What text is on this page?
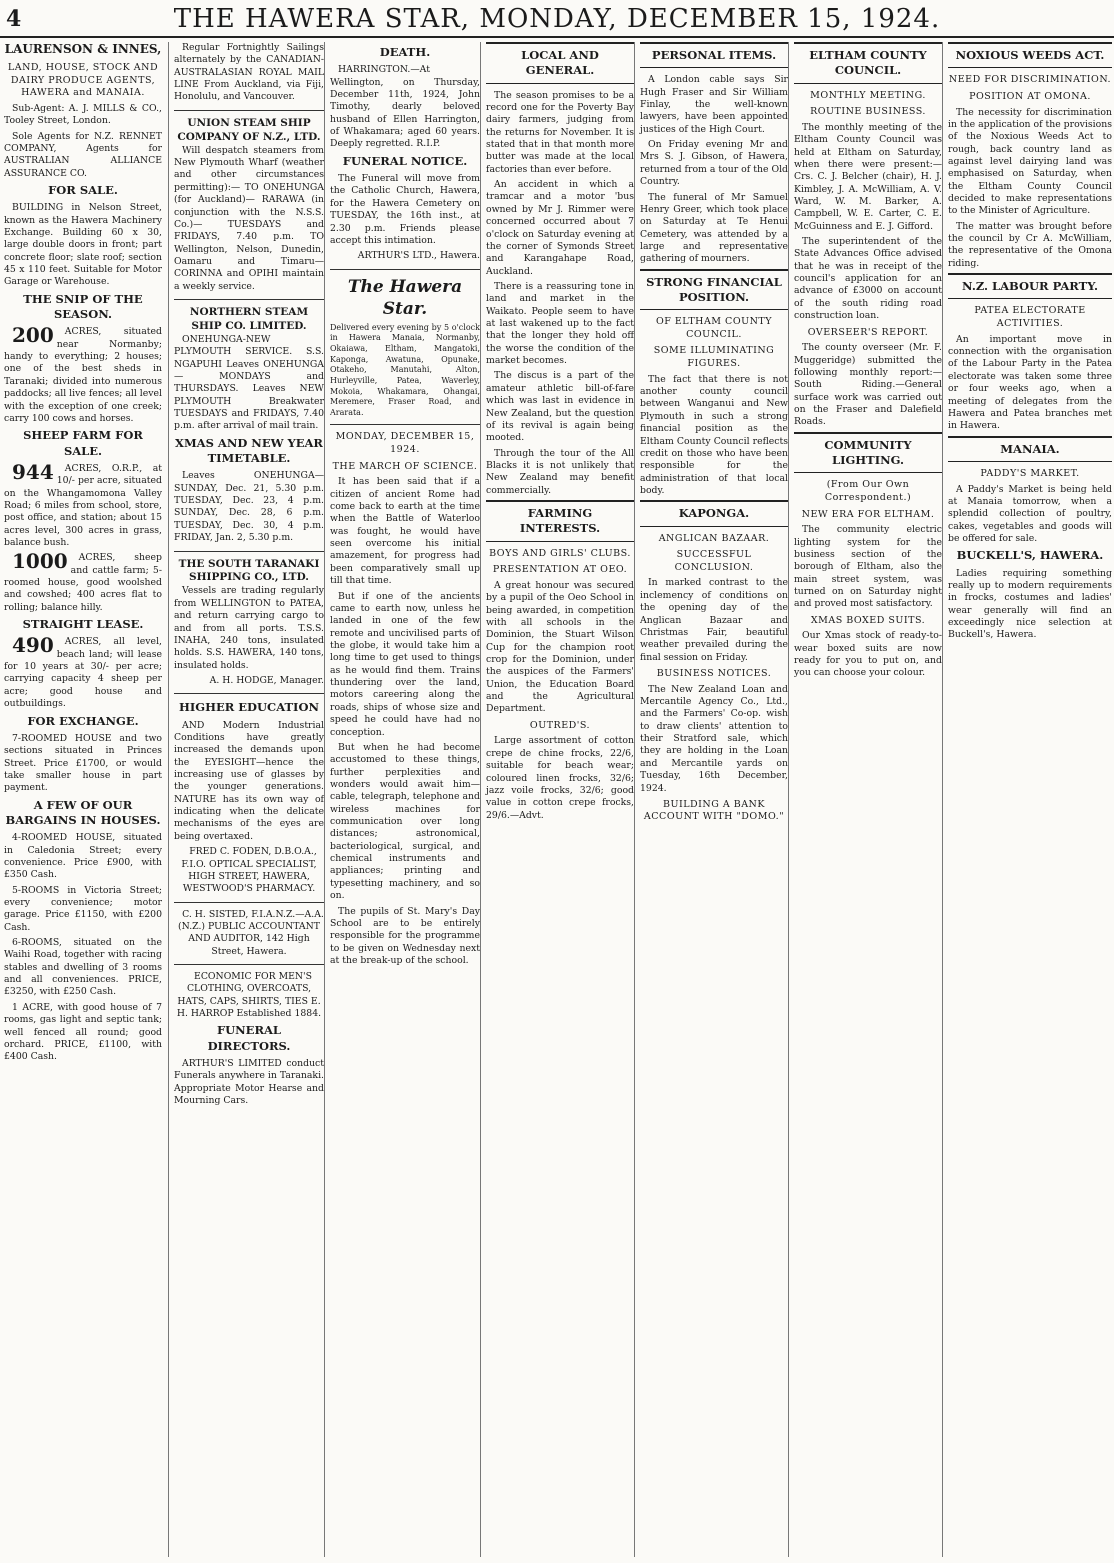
4	THE HAWERA STAR, MONDAY, DECEMBER 15, 1924.
LAURENSON & INNES,

LAND, HOUSE, STOCK AND DAIRY PRODUCE AGENTS, HAWERA and MANAIA.

Sub-Agent: A. J. MILLS & CO., Tooley Street, London.

Sole Agents for N.Z. RENNET COMPANY, Agents for AUSTRALIAN ALLIANCE ASSURANCE CO.

FOR SALE.

BUILDING in Nelson Street, known as the Hawera Machinery Exchange. Building 60 x 30, large double doors in front; part concrete floor; slate roof; section 45 x 110 feet. Suitable for Motor Garage or Warehouse.

THE SNIP OF THE SEASON.

200 ACRES, situated near Normanby; handy to everything; 2 houses; one of the best sheds in Taranaki; divided into numerous paddocks; all live fences; all level with the exception of one creek; carry 100 cows and horses.

SHEEP FARM FOR SALE.

944 ACRES, O.R.P., at 10/- per acre, situated on the Whangamomona Valley Road; 6 miles from school, store, post office, and station; about 15 acres level, 300 acres in grass, balance bush.

1000 ACRES, sheep and cattle farm; 5-roomed house, good woolshed and cowshed; 400 acres flat to rolling; balance hilly.

STRAIGHT LEASE.

490 ACRES, all level, beach land; will lease for 10 years at 30/- per acre; carrying capacity 4 sheep per acre; good house and outbuildings.

FOR EXCHANGE.

7-ROOMED HOUSE and two sections situated in Princes Street. Price £1700, or would take smaller house in part payment.

A FEW OF OUR BARGAINS IN HOUSES.

4-ROOMED HOUSE, situated in Caledonia Street; every convenience. Price £900, with £350 Cash.

5-ROOMS in Victoria Street; every convenience; motor garage. Price £1150, with £200 Cash.

6-ROOMS, situated on the Waihi Road, together with racing stables and dwelling of 3 rooms and all conveniences. PRICE, £3250, with £250 Cash.

1 ACRE, with good house of 7 rooms, gas light and septic tank; well fenced all round; good orchard. PRICE, £1100, with £400 Cash.

Regular Fortnightly Sailings alternately by the CANADIAN-AUSTRALASIAN ROYAL MAIL LINE From Auckland, via Fiji, Honolulu, and Vancouver.

UNION STEAM SHIP COMPANY OF N.Z., LTD.

Will despatch steamers from New Plymouth Wharf (weather and other circumstances permitting):— TO ONEHUNGA (for Auckland)— RARAWA (in conjunction with the N.S.S. Co.)— TUESDAYS and FRIDAYS, 7.40 p.m. TO Wellington, Nelson, Dunedin, Oamaru and Timaru— CORINNA and OPIHI maintain a weekly service.

NORTHERN STEAM SHIP CO. LIMITED.

ONEHUNGA-NEW PLYMOUTH SERVICE. S.S. NGAPUHI Leaves ONEHUNGA— MONDAYS and THURSDAYS. Leaves NEW PLYMOUTH Breakwater TUESDAYS and FRIDAYS, 7.40 p.m. after arrival of mail train.

XMAS AND NEW YEAR TIMETABLE.

Leaves ONEHUNGA— SUNDAY, Dec. 21, 5.30 p.m. TUESDAY, Dec. 23, 4 p.m. SUNDAY, Dec. 28, 6 p.m. TUESDAY, Dec. 30, 4 p.m. FRIDAY, Jan. 2, 5.30 p.m.

THE SOUTH TARANAKI SHIPPING CO., LTD.

Vessels are trading regularly from WELLINGTON to PATEA, and return carrying cargo to and from all ports. T.S.S. INAHA, 240 tons, insulated holds. S.S. HAWERA, 140 tons, insulated holds.

A. H. HODGE, Manager.

HIGHER EDUCATION

AND Modern Industrial Conditions have greatly increased the demands upon the EYESIGHT—hence the increasing use of glasses by the younger generations. NATURE has its own way of indicating when the delicate mechanisms of the eyes are being overtaxed.

FRED C. FODEN, D.B.O.A., F.I.O. OPTICAL SPECIALIST, HIGH STREET, HAWERA, WESTWOOD'S PHARMACY.

C. H. SISTED, F.I.A.N.Z.—A.A. (N.Z.) PUBLIC ACCOUNTANT AND AUDITOR, 142 High Street, Hawera.

ECONOMIC FOR MEN'S CLOTHING, OVERCOATS, HATS, CAPS, SHIRTS, TIES E. H. HARROP Established 1884.

FUNERAL DIRECTORS.

ARTHUR'S LIMITED conduct Funerals anywhere in Taranaki. Appropriate Motor Hearse and Mourning Cars.

DEATH.

HARRINGTON.—At Wellington, on Thursday, December 11th, 1924, John Timothy, dearly beloved husband of Ellen Harrington, of Whakamara; aged 60 years. Deeply regretted. R.I.P.

FUNERAL NOTICE.

The Funeral will move from the Catholic Church, Hawera, for the Hawera Cemetery on TUESDAY, the 16th inst., at 2.30 p.m. Friends please accept this intimation.

ARTHUR'S LTD., Hawera.

The Hawera Star.

Delivered every evening by 5 o'clock in Hawera Manaia, Normanby, Okaiawa, Eltham, Mangatoki, Kaponga, Awatuna, Opunake, Otakeho, Manutahi, Alton, Hurleyville, Patea, Waverley, Mokoia, Whakamara, Ohangai, Meremere, Fraser Road, and Ararata.

MONDAY, DECEMBER 15, 1924.
THE MARCH OF SCIENCE.

It has been said that if a citizen of ancient Rome had come back to earth at the time when the Battle of Waterloo was fought, he would have seen overcome his initial amazement, for progress had been comparatively small up till that time.

But if one of the ancients came to earth now, unless he landed in one of the few remote and uncivilised parts of the globe, it would take him a long time to get used to things as he would find them. Trains thundering over the land, motors careering along the roads, ships of whose size and speed he could have had no conception.

But when he had become accustomed to these things, further perplexities and wonders would await him—cable, telegraph, telephone and wireless machines for communication over long distances; astronomical, bacteriological, surgical, and chemical instruments and appliances; printing and typesetting machinery, and so on.

The pupils of St. Mary's Day School are to be entirely responsible for the programme to be given on Wednesday next at the break-up of the school.

LOCAL AND GENERAL.

The season promises to be a record one for the Poverty Bay dairy farmers, judging from the returns for November. It is stated that in that month more butter was made at the local factories than ever before.

An accident in which a tramcar and a motor 'bus owned by Mr J. Rimmer were concerned occurred about 7 o'clock on Saturday evening at the corner of Symonds Street and Karangahape Road, Auckland.

There is a reassuring tone in land and market in the Waikato. People seem to have at last wakened up to the fact that the longer they hold off the worse the condition of the market becomes.

The discus is a part of the amateur athletic bill-of-fare which was last in evidence in New Zealand, but the question of its revival is again being mooted.

Through the tour of the All Blacks it is not unlikely that New Zealand may benefit commercially.

FARMING INTERESTS.
BOYS AND GIRLS' CLUBS.
PRESENTATION AT OEO.

A great honour was secured by a pupil of the Oeo School in being awarded, in competition with all schools in the Dominion, the Stuart Wilson Cup for the champion root crop for the Dominion, under the auspices of the Farmers' Union, the Education Board and the Agricultural Department.

OUTRED'S.

Large assortment of cotton crepe de chine frocks, 22/6, suitable for beach wear; coloured linen frocks, 32/6; jazz voile frocks, 32/6; good value in cotton crepe frocks, 29/6.—Advt.

PERSONAL ITEMS.

A London cable says Sir Hugh Fraser and Sir William Finlay, the well-known lawyers, have been appointed justices of the High Court.

On Friday evening Mr and Mrs S. J. Gibson, of Hawera, returned from a tour of the Old Country.

The funeral of Mr Samuel Henry Greer, which took place on Saturday at Te Henui Cemetery, was attended by a large and representative gathering of mourners.

STRONG FINANCIAL POSITION.
OF ELTHAM COUNTY COUNCIL.
SOME ILLUMINATING FIGURES.

The fact that there is not another county council between Wanganui and New Plymouth in such a strong financial position as the Eltham County Council reflects credit on those who have been responsible for the administration of that local body.

KAPONGA.
ANGLICAN BAZAAR.
SUCCESSFUL CONCLUSION.

In marked contrast to the inclemency of conditions on the opening day of the Anglican Bazaar and Christmas Fair, beautiful weather prevailed during the final session on Friday.

BUSINESS NOTICES.

The New Zealand Loan and Mercantile Agency Co., Ltd., and the Farmers' Co-op. wish to draw clients' attention to their Stratford sale, which they are holding in the Loan and Mercantile yards on Tuesday, 16th December, 1924.

BUILDING A BANK ACCOUNT WITH "DOMO."
ELTHAM COUNTY COUNCIL.
MONTHLY MEETING.
ROUTINE BUSINESS.

The monthly meeting of the Eltham County Council was held at Eltham on Saturday, when there were present:—Crs. C. J. Belcher (chair), H. J. Kimbley, J. A. McWilliam, A. V. Ward, W. M. Barker, A. Campbell, W. E. Carter, C. E. McGuinness and E. J. Gifford.

The superintendent of the State Advances Office advised that he was in receipt of the council's application for an advance of £3000 on account of the south riding road construction loan.

OVERSEER'S REPORT.

The county overseer (Mr. F. Muggeridge) submitted the following monthly report:— South Riding.—General surface work was carried out on the Fraser and Dalefield Roads.

COMMUNITY LIGHTING.
(From Our Own Correspondent.)
NEW ERA FOR ELTHAM.

The community electric lighting system for the business section of the borough of Eltham, also the main street system, was turned on on Saturday night and proved most satisfactory.

XMAS BOXED SUITS.

Our Xmas stock of ready-to-wear boxed suits are now ready for you to put on, and you can choose your colour.

NOXIOUS WEEDS ACT.
NEED FOR DISCRIMINATION.
POSITION AT OMONA.

The necessity for discrimination in the application of the provisions of the Noxious Weeds Act to rough, back country land as against level dairying land was emphasised on Saturday, when the Eltham County Council decided to make representations to the Minister of Agriculture.

The matter was brought before the council by Cr A. McWilliam, the representative of the Omona riding.

N.Z. LABOUR PARTY.
PATEA ELECTORATE ACTIVITIES.

An important move in connection with the organisation of the Labour Party in the Patea electorate was taken some three or four weeks ago, when a meeting of delegates from the Hawera and Patea branches met in Hawera.

MANAIA.
PADDY'S MARKET.

A Paddy's Market is being held at Manaia tomorrow, when a splendid collection of poultry, cakes, vegetables and goods will be offered for sale.

BUCKELL'S, HAWERA.

Ladies requiring something really up to modern requirements in frocks, costumes and ladies' wear generally will find an exceedingly nice selection at Buckell's, Hawera.
